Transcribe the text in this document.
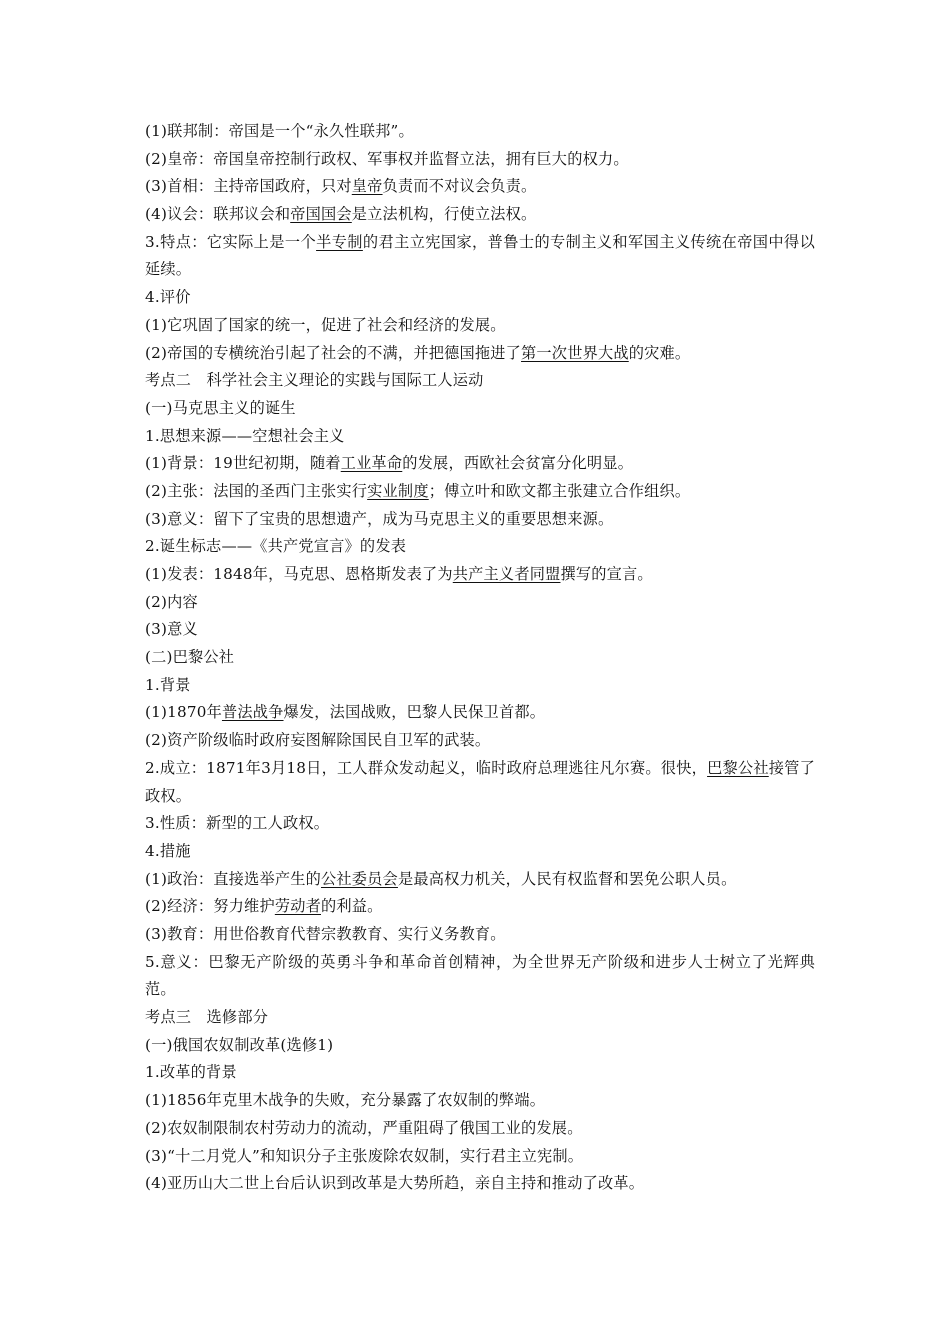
(1)联邦制：帝国是一个“永久性联邦”。
(2)皇帝：帝国皇帝控制行政权、军事权并监督立法，拥有巨大的权力。
(3)首相：主持帝国政府，只对皇帝负责而不对议会负责。
(4)议会：联邦议会和帝国国会是立法机构，行使立法权。
3.特点：它实际上是一个半专制的君主立宪国家，普鲁士的专制主义和军国主义传统在帝国中得以延续。
4.评价
(1)它巩固了国家的统一，促进了社会和经济的发展。
(2)帝国的专横统治引起了社会的不满，并把德国拖进了第一次世界大战的灾难。
考点二　科学社会主义理论的实践与国际工人运动
(一)马克思主义的诞生
1.思想来源——空想社会主义
(1)背景：19世纪初期，随着工业革命的发展，西欧社会贫富分化明显。
(2)主张：法国的圣西门主张实行实业制度；傅立叶和欧文都主张建立合作组织。
(3)意义：留下了宝贵的思想遗产，成为马克思主义的重要思想来源。
2.诞生标志——《共产党宣言》的发表
(1)发表：1848年，马克思、恩格斯发表了为共产主义者同盟撰写的宣言。
(2)内容
(3)意义
(二)巴黎公社
1.背景
(1)1870年普法战争爆发，法国战败，巴黎人民保卫首都。
(2)资产阶级临时政府妄图解除国民自卫军的武装。
2.成立：1871年3月18日，工人群众发动起义，临时政府总理逃往凡尔赛。很快，巴黎公社接管了政权。
3.性质：新型的工人政权。
4.措施
(1)政治：直接选举产生的公社委员会是最高权力机关，人民有权监督和罢免公职人员。
(2)经济：努力维护劳动者的利益。
(3)教育：用世俗教育代替宗教教育、实行义务教育。
5.意义：巴黎无产阶级的英勇斗争和革命首创精神，为全世界无产阶级和进步人士树立了光辉典范。
考点三　选修部分
(一)俄国农奴制改革(选修1)
1.改革的背景
(1)1856年克里木战争的失败，充分暴露了农奴制的弊端。
(2)农奴制限制农村劳动力的流动，严重阻碍了俄国工业的发展。
(3)“十二月党人”和知识分子主张废除农奴制，实行君主立宪制。
(4)亚历山大二世上台后认识到改革是大势所趋，亲自主持和推动了改革。
